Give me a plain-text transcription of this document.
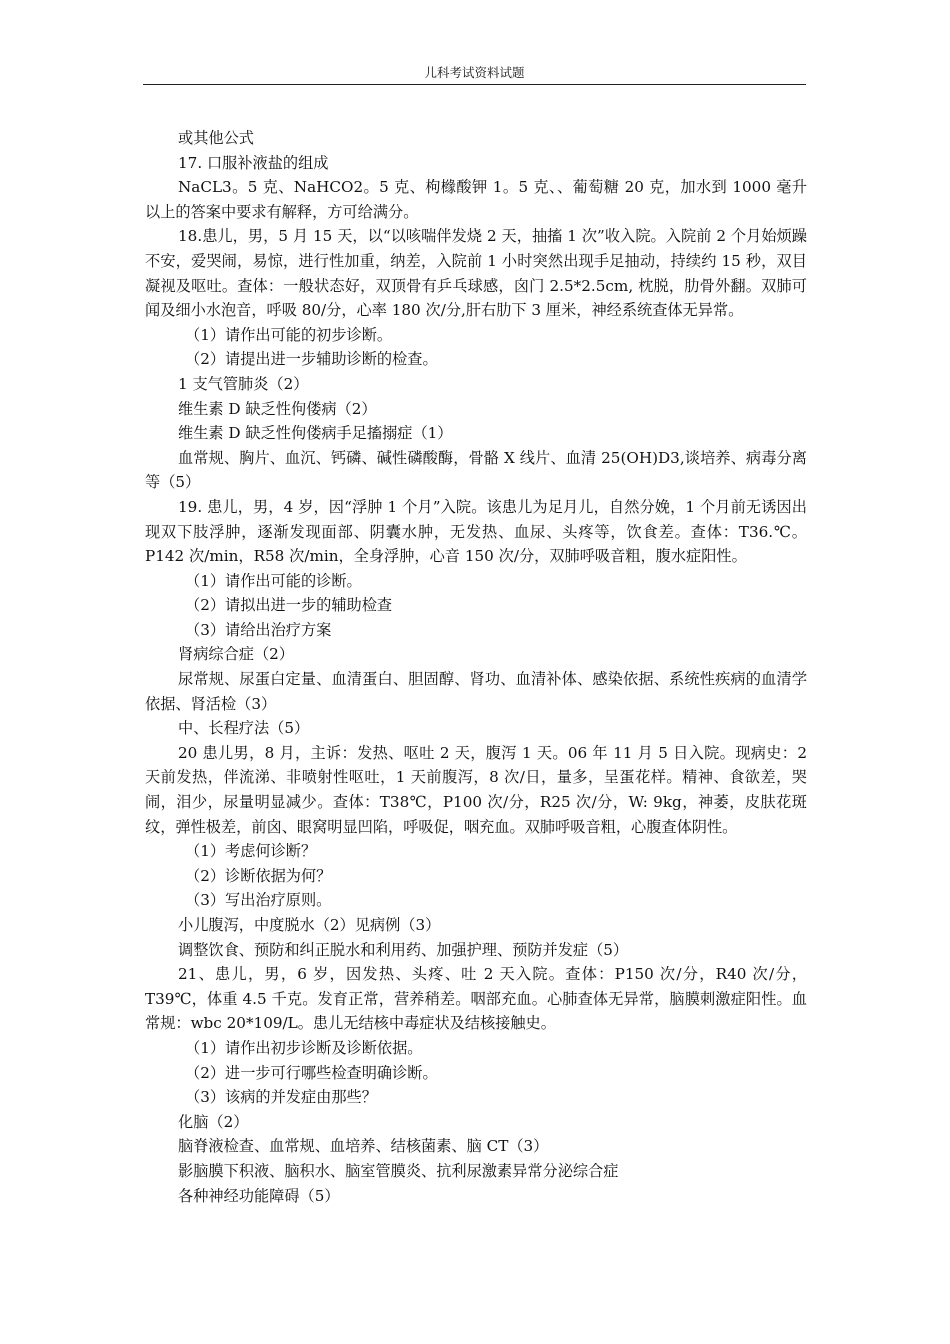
儿科考试资料试题

或其他公式

17. 口服补液盐的组成

NaCL3。5 克、NaHCO2。5 克、枸橼酸钾 1。5 克、、葡萄糖 20 克，加水到 1000 毫升以上的答案中要求有解释，方可给满分。

18.患儿，男，5 月 15 天，以“以咳喘伴发烧 2 天，抽搐 1 次”收入院。入院前 2 个月始烦躁不安，爱哭闹，易惊，进行性加重，纳差，入院前 1 小时突然出现手足抽动，持续约 15 秒，双目凝视及呕吐。查体：一般状态好，双顶骨有乒乓球感，囟门 2.5*2.5cm, 枕脱，肋骨外翻。双肺可闻及细小水泡音，呼吸 80/分，心率 180 次/分,肝右肋下 3 厘米，神经系统查体无异常。

（1）请作出可能的初步诊断。

（2）请提出进一步辅助诊断的检查。

1 支气管肺炎（2）

维生素 D 缺乏性佝偻病（2）

维生素 D 缺乏性佝偻病手足搐搦症（1）

血常规、胸片、血沉、钙磷、碱性磷酸酶，骨骼 X 线片、血清 25(OH)D3,谈培养、病毒分离等（5）

19. 患儿，男，4 岁，因“浮肿 1 个月”入院。该患儿为足月儿，自然分娩，1 个月前无诱因出现双下肢浮肿，逐渐发现面部、阴囊水肿，无发热、血尿、头疼等，饮食差。查体：T36.℃。P142 次/min，R58 次/min，全身浮肿，心音 150 次/分，双肺呼吸音粗，腹水症阳性。

（1）请作出可能的诊断。

（2）请拟出进一步的辅助检查

（3）请给出治疗方案

肾病综合症（2）

尿常规、尿蛋白定量、血清蛋白、胆固醇、肾功、血清补体、感染依据、系统性疾病的血清学依据、肾活检（3）

中、长程疗法（5）

20 患儿男，8 月，主诉：发热、呕吐 2 天，腹泻 1 天。06 年 11 月 5 日入院。现病史：2 天前发热，伴流涕、非喷射性呕吐，1 天前腹泻，8 次/日，量多，呈蛋花样。精神、食欲差，哭闹，泪少，尿量明显减少。查体：T38℃，P100 次/分，R25 次/分，W: 9kg，神萎，皮肤花斑纹，弹性极差，前囟、眼窝明显凹陷，呼吸促，咽充血。双肺呼吸音粗，心腹查体阴性。

（1）考虑何诊断？

（2）诊断依据为何？

（3）写出治疗原则。

小儿腹泻，中度脱水（2）见病例（3）

调整饮食、预防和纠正脱水和利用药、加强护理、预防并发症（5）

21、患儿，男，6 岁，因发热、头疼、吐 2 天入院。查体：P150 次/分，R40 次/分，T39℃，体重 4.5 千克。发育正常，营养稍差。咽部充血。心肺查体无异常，脑膜刺激症阳性。血常规：wbc 20*109/L。患儿无结核中毒症状及结核接触史。

（1）请作出初步诊断及诊断依据。

（2）进一步可行哪些检查明确诊断。

（3）该病的并发症由那些？

化脑（2）

脑脊液检查、血常规、血培养、结核菌素、脑 CT（3）

影脑膜下积液、脑积水、脑室管膜炎、抗利尿激素异常分泌综合症

各种神经功能障碍（5）
